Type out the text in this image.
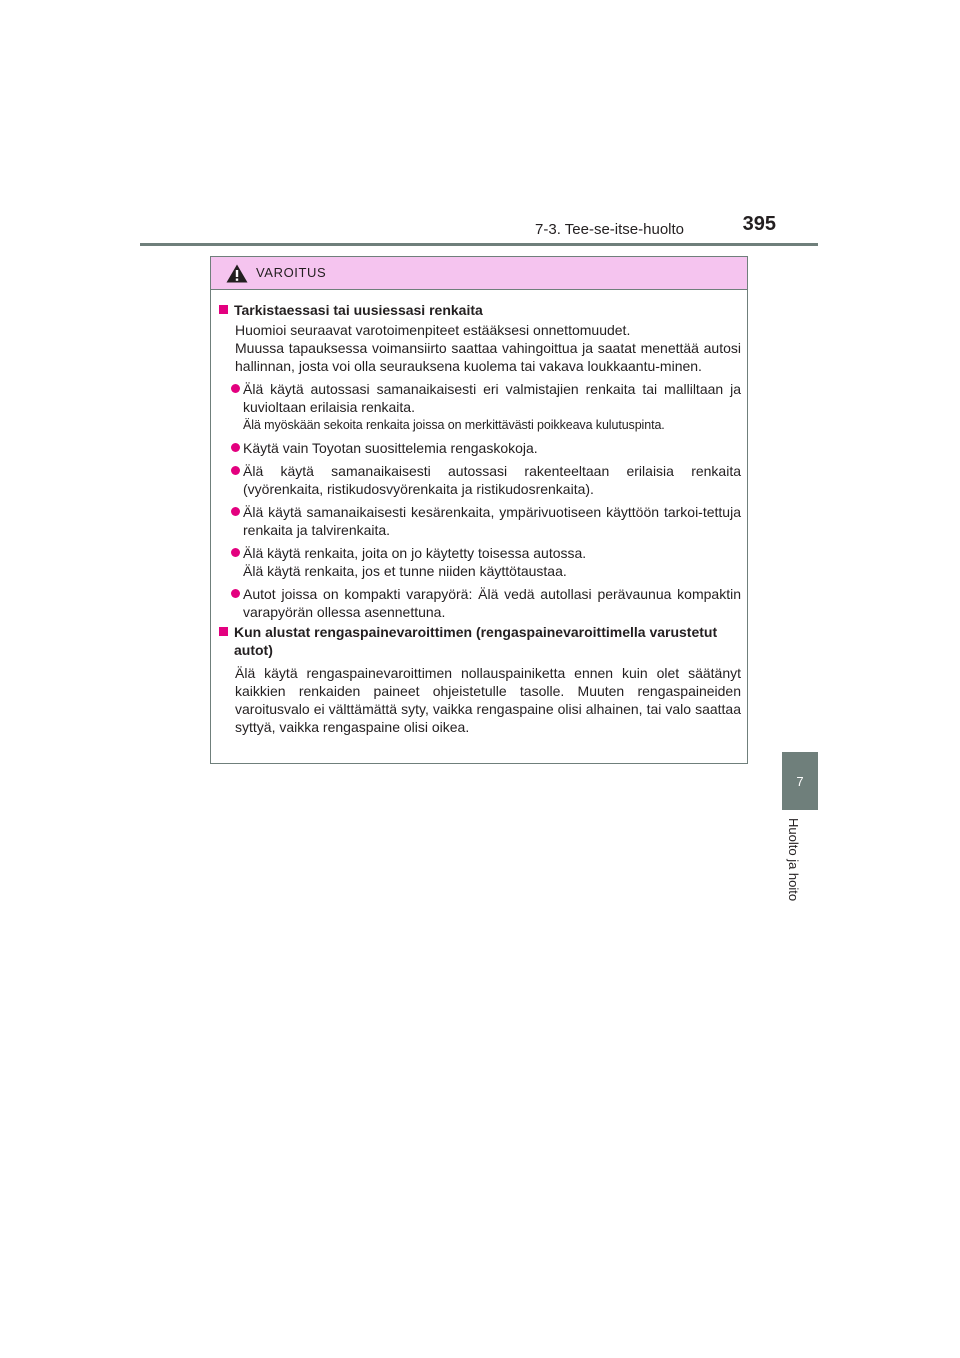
7-3. Tee-se-itse-huolto	395
7
Huolto ja hoito
VAROITUS
Tarkistaessasi tai uusiessasi renkaita
Huomioi seuraavat varotoimenpiteet estääksesi onnettomuudet.
Muussa tapauksessa voimansiirto saattaa vahingoittua ja saatat menettää autosi hallinnan, josta voi olla seurauksena kuolema tai vakava loukkaantu-minen.
Älä käytä autossasi samanaikaisesti eri valmistajien renkaita tai malliltaan ja kuvioltaan erilaisia renkaita.
Älä myöskään sekoita renkaita joissa on merkittävästi poikkeava kulutuspinta.
Käytä vain Toyotan suosittelemia rengaskokoja.
Älä käytä samanaikaisesti autossasi rakenteeltaan erilaisia renkaita (vyörenkaita, ristikudosvyörenkaita ja ristikudosrenkaita).
Älä käytä samanaikaisesti kesärenkaita, ympärivuotiseen käyttöön tarkoi-tettuja renkaita ja talvirenkaita.
Älä käytä renkaita, joita on jo käytetty toisessa autossa.
Älä käytä renkaita, jos et tunne niiden käyttötaustaa.
Autot joissa on kompakti varapyörä: Älä vedä autollasi perävaunua kompaktin varapyörän ollessa asennettuna.
Kun alustat rengaspainevaroittimen (rengaspainevaroittimella varustetut autot)
Älä käytä rengaspainevaroittimen nollauspainiketta ennen kuin olet säätänyt kaikkien renkaiden paineet ohjeistetulle tasolle. Muuten rengaspaineiden varoitusvalo ei välttämättä syty, vaikka rengaspaine olisi alhainen, tai valo saattaa syttyä, vaikka rengaspaine olisi oikea.
